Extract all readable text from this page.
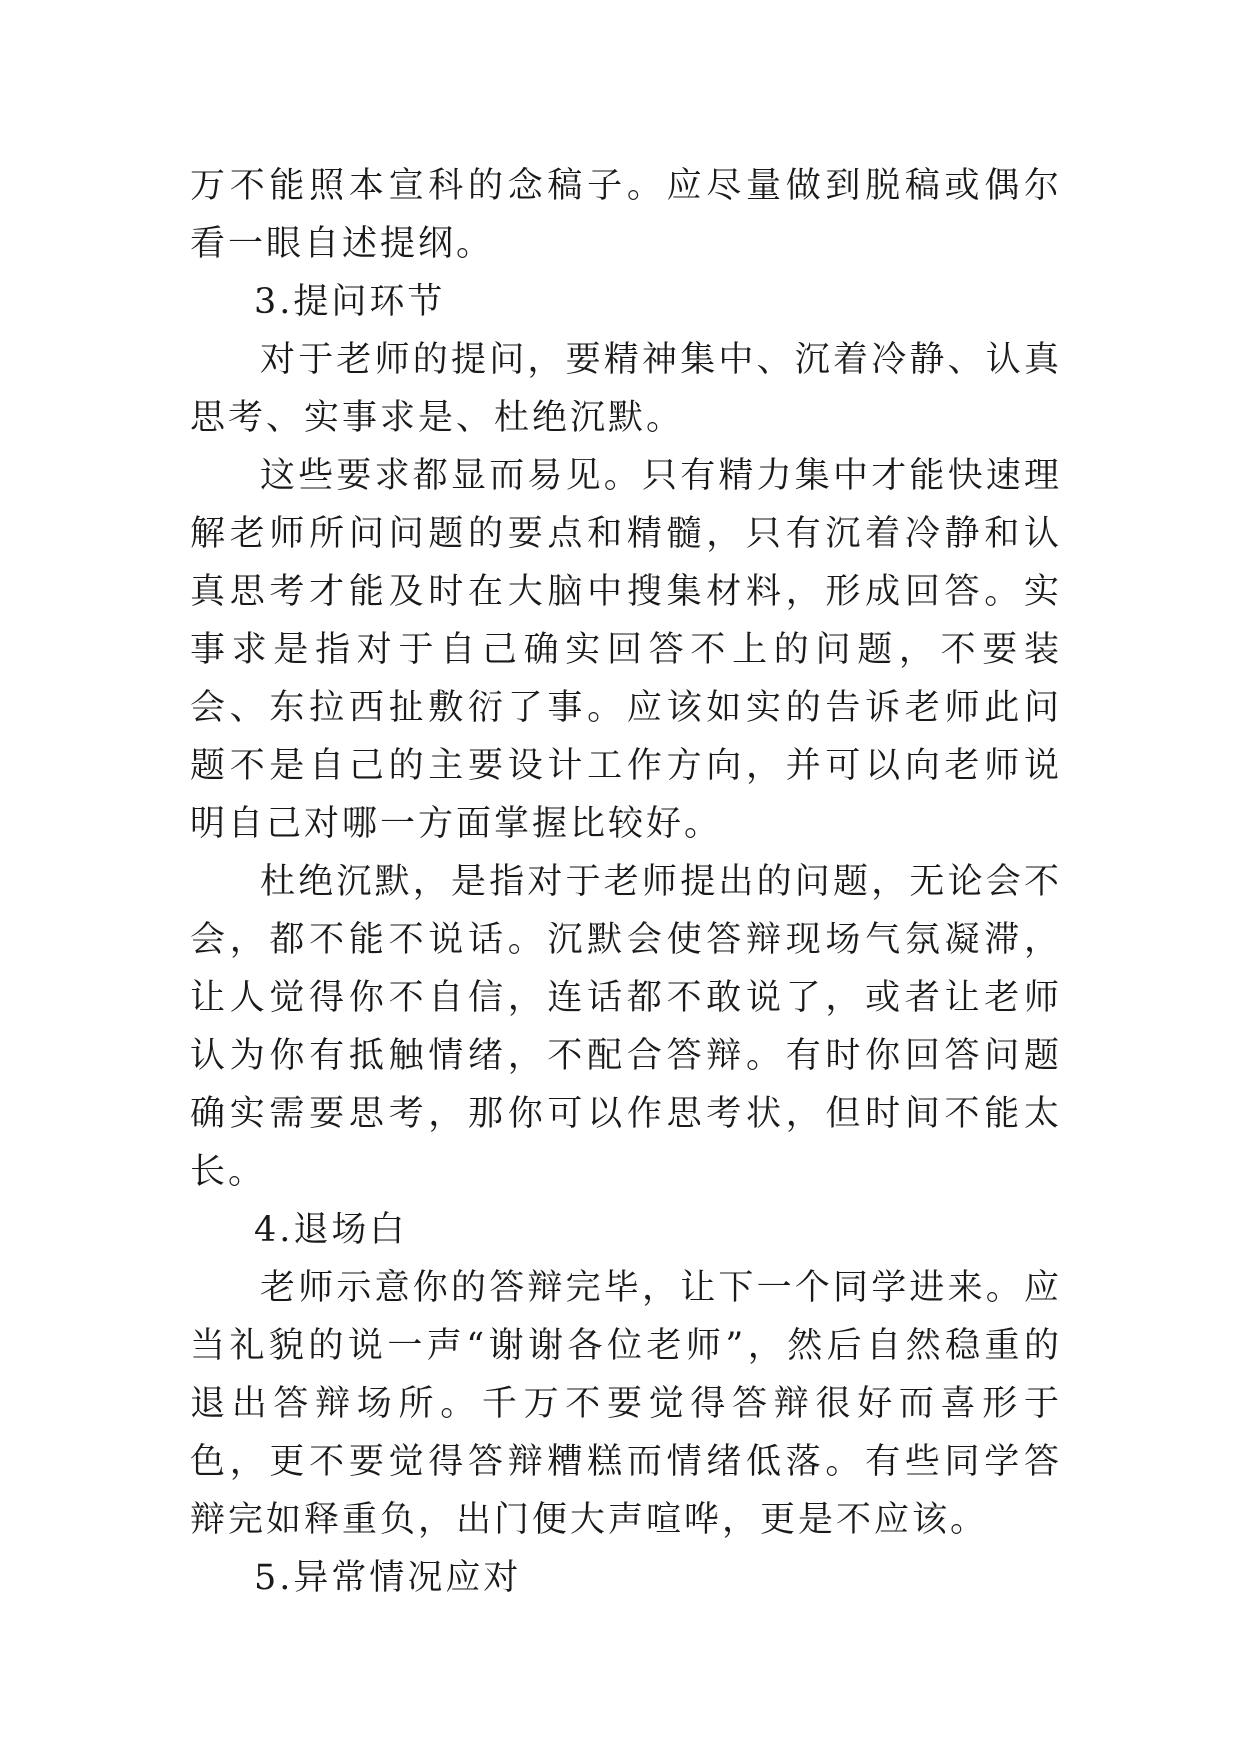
万不能照本宣科的念稿子。应尽量做到脱稿或偶尔看一眼自述提纲。

3.提问环节

对于老师的提问，要精神集中、沉着冷静、认真思考、实事求是、杜绝沉默。

这些要求都显而易见。只有精力集中才能快速理解老师所问问题的要点和精髓，只有沉着冷静和认真思考才能及时在大脑中搜集材料，形成回答。实事求是指对于自己确实回答不上的问题，不要装会、东拉西扯敷衍了事。应该如实的告诉老师此问题不是自己的主要设计工作方向，并可以向老师说明自己对哪一方面掌握比较好。

杜绝沉默，是指对于老师提出的问题，无论会不会，都不能不说话。沉默会使答辩现场气氛凝滞，让人觉得你不自信，连话都不敢说了，或者让老师认为你有抵触情绪，不配合答辩。有时你回答问题确实需要思考，那你可以作思考状，但时间不能太长。

4.退场白

老师示意你的答辩完毕，让下一个同学进来。应当礼貌的说一声“谢谢各位老师”，然后自然稳重的退出答辩场所。千万不要觉得答辩很好而喜形于色，更不要觉得答辩糟糕而情绪低落。有些同学答辩完如释重负，出门便大声喧哗，更是不应该。

5.异常情况应对
